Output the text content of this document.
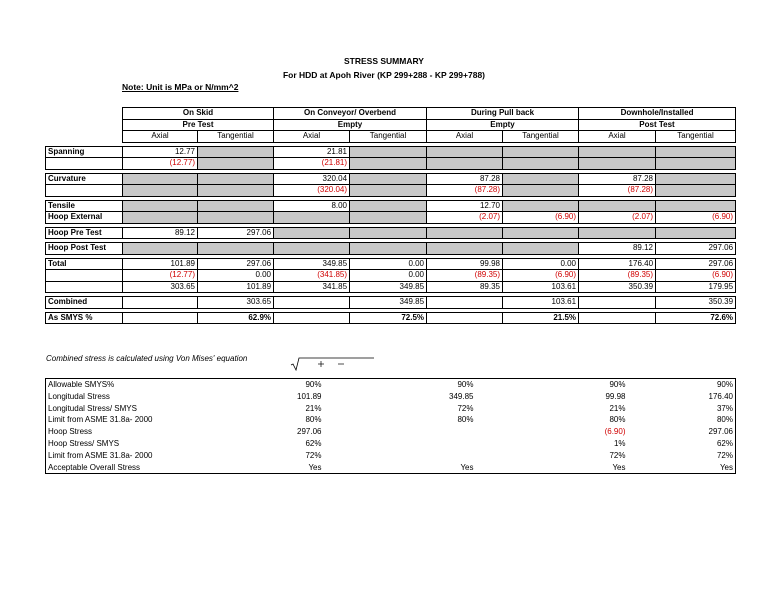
STRESS SUMMARY
For HDD at Apoh River (KP 299+288 - KP 299+788)
Note: Unit is MPa or N/mm^2
	On Skid		On Conveyor/ Overbend		During Pull back		Downhole/Installed	
	Pre Test		Empty		Empty		Post Test	
	Axial	Tangential	Axial	Tangential	Axial	Tangential	Axial	Tangential

Spanning	12.77		21.81					
	(12.77)		(21.81)					

Curvature			320.04		87.28		87.28	
			(320.04)		(87.28)		(87.28)	

Tensile			8.00		12.70			
Hoop External					(2.07)	(6.90)	(2.07)	(6.90)

Hoop Pre Test	89.12	297.06						

Hoop Post Test							89.12	297.06

Total	101.89	297.06	349.85	0.00	99.98	0.00	176.40	297.06
	(12.77)	0.00	(341.85)	0.00	(89.35)	(6.90)	(89.35)	(6.90)
	303.65	101.89	341.85	349.85	89.35	103.61	350.39	179.95

Combined		303.65		349.85		103.61		350.39

As SMYS %		62.9%		72.5%		21.5%		72.6%
Combined stress is calculated using Von Mises' equation
Allowable SMYS%	90%	90%	90%	90%
Longitudal Stress	101.89	349.85	99.98	176.40
Longitudal Stress/ SMYS	21%	72%	21%	37%
Limit from ASME 31.8a- 2000	80%	80%	80%	80%
Hoop Stress	297.06		(6.90)	297.06
Hoop Stress/ SMYS	62%		1%	62%
Limit from ASME 31.8a- 2000	72%		72%	72%
Acceptable Overall Stress	Yes	Yes	Yes	Yes
